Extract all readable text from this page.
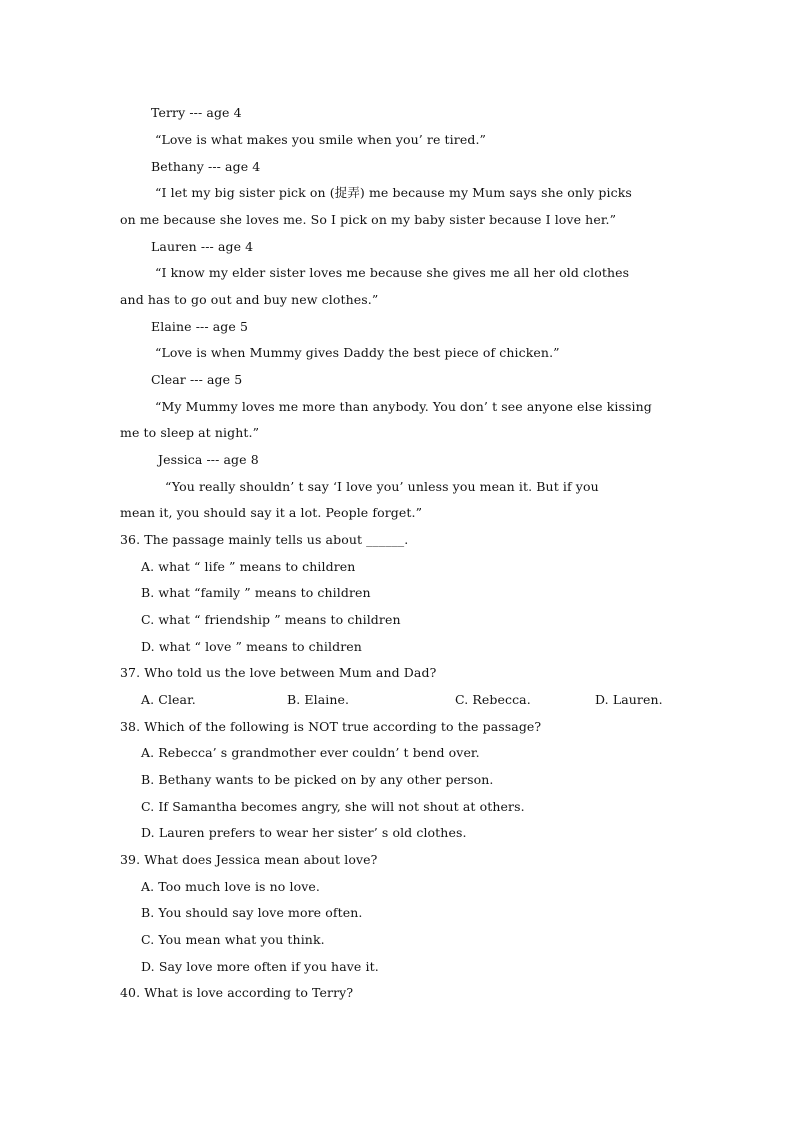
Terry --- age 4
“Love is what makes you smile when you’ re tired.”
Bethany --- age 4
“I let my big sister pick on (捉弄) me because my Mum says she only picks
on me because she loves me. So I pick on my baby sister because I love her.”
Lauren --- age 4
“I know my elder sister loves me because she gives me all her old clothes
and has to go out and buy new clothes.”
Elaine --- age 5
“Love is when Mummy gives Daddy the best piece of chicken.”
Clear --- age 5
“My Mummy loves me more than anybody. You don’ t see anyone else kissing
me to sleep at night.”
Jessica --- age 8
“You really shouldn’ t say ‘I love you’ unless you mean it. But if you
mean it, you should say it a lot. People forget.”
36. The passage mainly tells us about ______.
A. what “ life ” means to children
B. what “family ” means to children
C. what “ friendship ” means to children
D. what “ love ” means to children
37. Who told us the love between Mum and Dad?
A. Clear.	B. Elaine.	C. Rebecca.	D. Lauren.
38. Which of the following is NOT true according to the passage?
A. Rebecca’ s grandmother ever couldn’ t bend over.
B. Bethany wants to be picked on by any other person.
C. If Samantha becomes angry, she will not shout at others.
D. Lauren prefers to wear her sister’ s old clothes.
39. What does Jessica mean about love?
A. Too much love is no love.
B. You should say love more often.
C. You mean what you think.
D. Say love more often if you have it.
40. What is love according to Terry?
